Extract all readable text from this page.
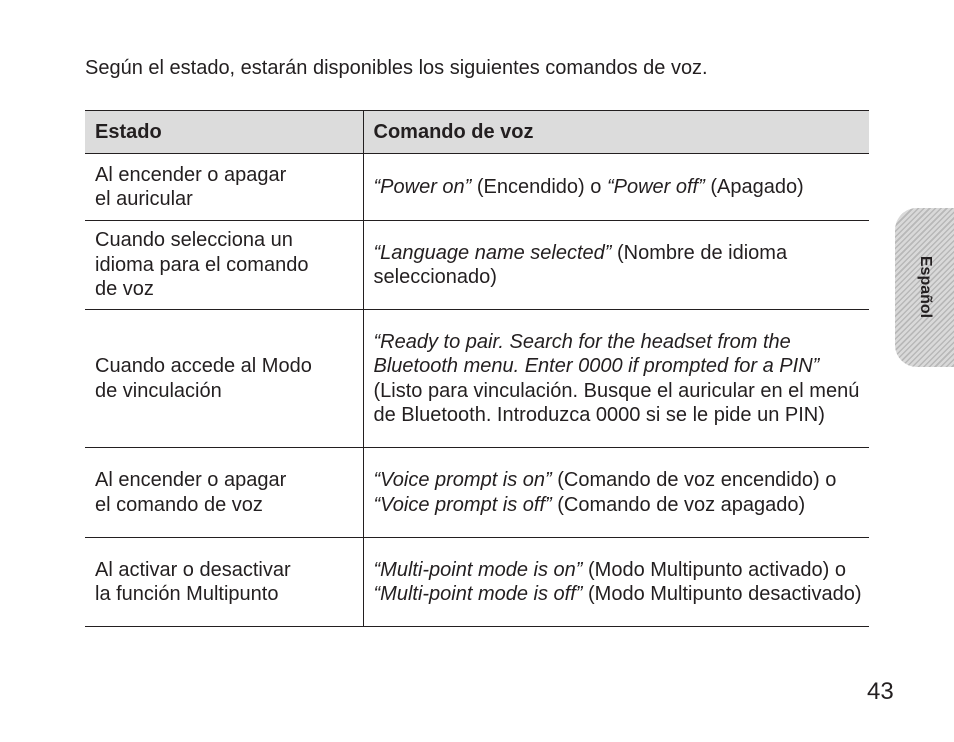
Según el estado, estarán disponibles los siguientes comandos de voz.
Estado	Comando de voz

Al encender o apagar
el auricular	“Power on” (Encendido) o “Power off” (Apagado)

Cuando selecciona un
idioma para el comando
de voz	“Language name selected” (Nombre de idioma seleccionado)

Cuando accede al Modo
de vinculación	“Ready to pair. Search for the headset from the Bluetooth menu. Enter 0000 if prompted for a PIN” (Listo para vinculación. Busque el auricular en el menú de Bluetooth. Introduzca 0000 si se le pide un PIN)

Al encender o apagar
el comando de voz	“Voice prompt is on” (Comando de voz encendido) o “Voice prompt is off” (Comando de voz apagado)

Al activar o desactivar
la función Multipunto	“Multi-point mode is on” (Modo Multipunto activado) o “Multi-point mode is off” (Modo Multipunto desactivado)
Español
43
